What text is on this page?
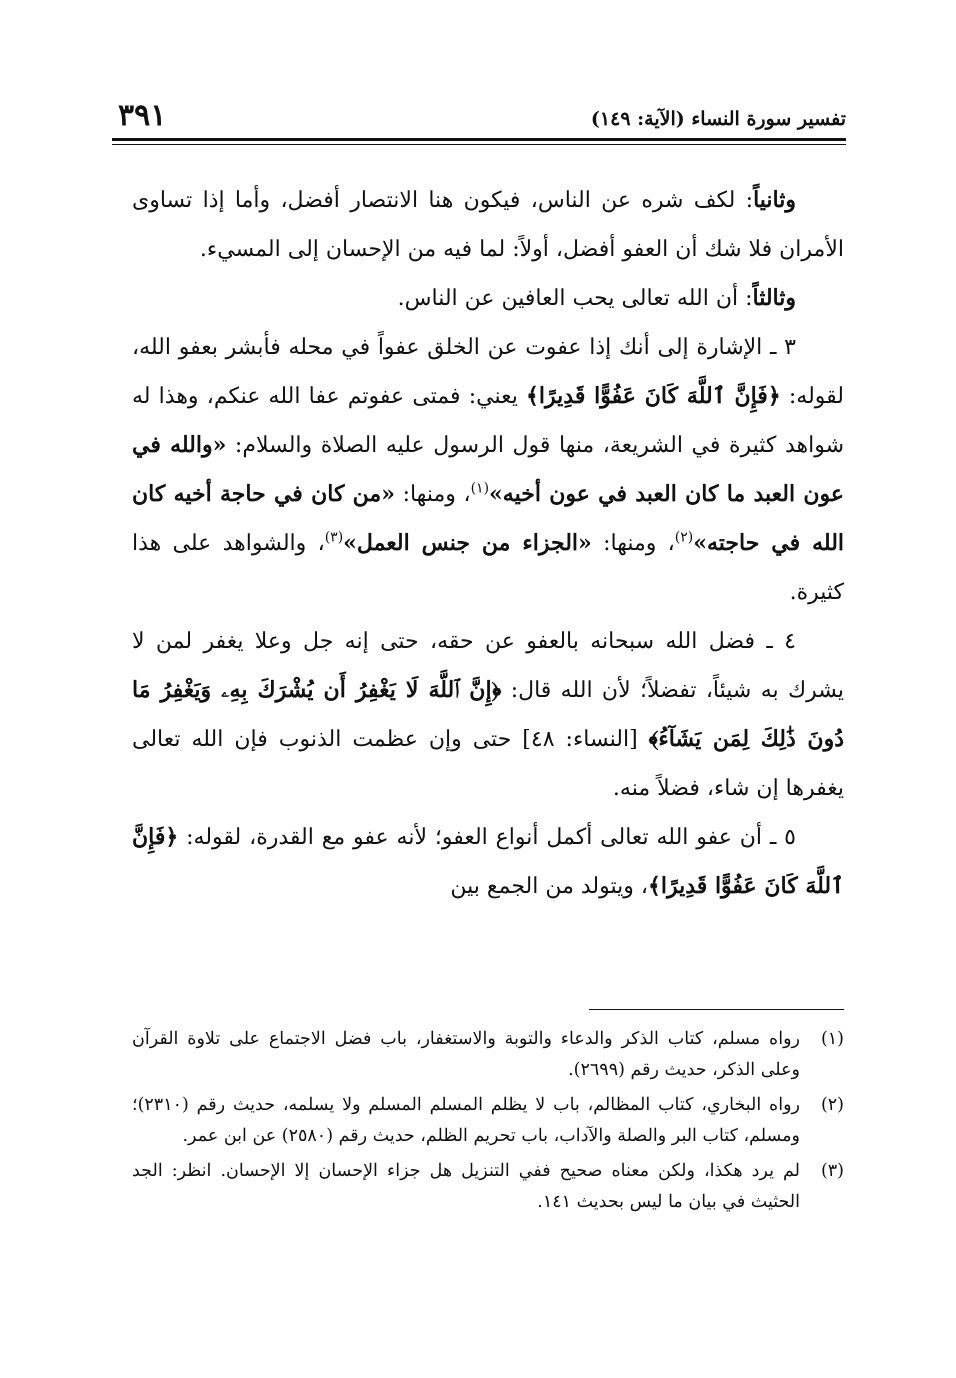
٣٩١	تفسير سورة النساء (الآية: ١٤٩)

وثانياً: لكف شره عن الناس، فيكون هنا الانتصار أفضل، وأما إذا تساوى الأمران فلا شك أن العفو أفضل، أولاً: لما فيه من الإحسان إلى المسيء.

وثالثاً: أن الله تعالى يحب العافين عن الناس.

٣ ـ الإشارة إلى أنك إذا عفوت عن الخلق عفواً في محله فأبشر بعفو الله، لقوله: ﴿فَإِنَّ ٱللَّهَ كَانَ عَفُوًّا قَدِيرًا﴾ يعني: فمتى عفوتم عفا الله عنكم، وهذا له شواهد كثيرة في الشريعة، منها قول الرسول عليه الصلاة والسلام: «والله في عون العبد ما كان العبد في عون أخيه»$^{(١)}$، ومنها: «من كان في حاجة أخيه كان الله في حاجته»$^{(٢)}$، ومنها: «الجزاء من جنس العمل»$^{(٣)}$، والشواهد على هذا كثيرة.

٤ ـ فضل الله سبحانه بالعفو عن حقه، حتى إنه جل وعلا يغفر لمن لا يشرك به شيئاً، تفضلاً؛ لأن الله قال: ﴿إِنَّ ٱللَّهَ لَا يَغْفِرُ أَن يُشْرَكَ بِهِۦ وَيَغْفِرُ مَا دُونَ ذَٰلِكَ لِمَن يَشَآءُ﴾ [النساء: ٤٨] حتى وإن عظمت الذنوب فإن الله تعالى يغفرها إن شاء، فضلاً منه.

٥ ـ أن عفو الله تعالى أكمل أنواع العفو؛ لأنه عفو مع القدرة، لقوله: ﴿فَإِنَّ ٱللَّهَ كَانَ عَفُوًّا قَدِيرًا﴾، ويتولد من الجمع بين

(١)
رواه مسلم، كتاب الذكر والدعاء والتوبة والاستغفار، باب فضل الاجتماع على تلاوة القرآن وعلى الذكر، حديث رقم (٢٦٩٩).
(٢)
رواه البخاري، كتاب المظالم، باب لا يظلم المسلم المسلم ولا يسلمه، حديث رقم (٢٣١٠)؛ ومسلم، كتاب البر والصلة والآداب، باب تحريم الظلم، حديث رقم (٢٥٨٠) عن ابن عمر.
(٣)
لم يرد هكذا، ولكن معناه صحيح ففي التنزيل هل جزاء الإحسان إلا الإحسان. انظر: الجد الحثيث في بيان ما ليس بحديث ١٤١.
